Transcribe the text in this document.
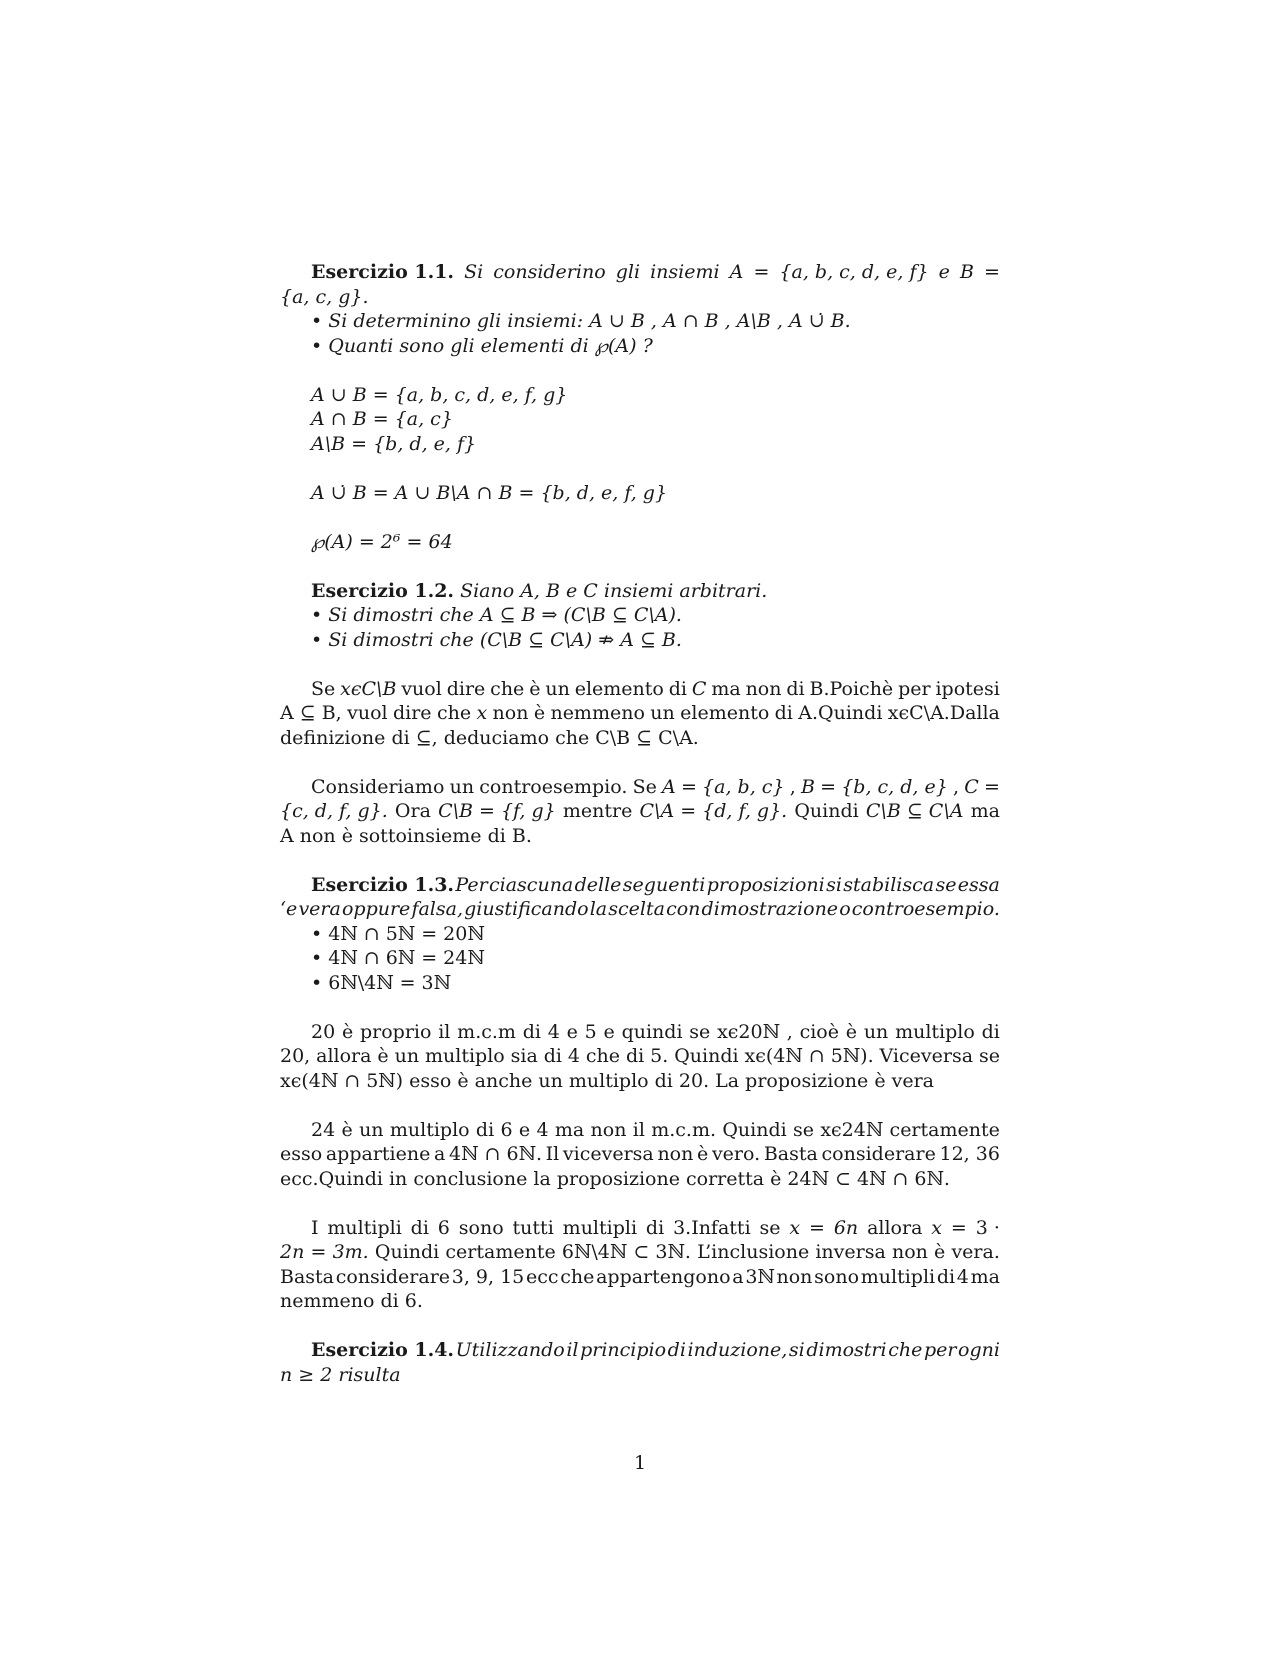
Esercizio 1.1. Si considerino gli insiemi A = {a, b, c, d, e, f} e B =
{a, c, g}.
• Si determinino gli insiemi: A ∪ B , A ∩ B , A\B , A ∪̇ B.
• Quanti sono gli elementi di ℘(A) ?
A ∪ B = {a, b, c, d, e, f, g}
A ∩ B = {a, c}
A\B = {b, d, e, f}
A ∪̇ B = A ∪ B\A ∩ B = {b, d, e, f, g}
℘(A) = 2⁶ = 64
Esercizio 1.2. Siano A, B e C insiemi arbitrari.
• Si dimostri che A ⊆ B ⇒ (C\B ⊆ C\A).
• Si dimostri che (C\B ⊆ C\A) ⇏ A ⊆ B.
Se xϵC\B vuol dire che è un elemento di C ma non di B.Poichè per ipotesi
A ⊆ B, vuol dire che x non è nemmeno un elemento di A.Quindi xϵC\A.Dalla
definizione di ⊆, deduciamo che C\B ⊆ C\A.
Consideriamo un controesempio. Se A = {a, b, c} , B = {b, c, d, e} , C =
{c, d, f, g}. Ora C\B = {f, g} mentre C\A = {d, f, g}. Quindi C\B ⊆ C\A ma
A non è sottoinsieme di B.
Esercizio 1.3. Per ciascuna delle seguenti proposizioni si stabilisca se essa
‘e vera oppure falsa, giustificando la scelta con dimostrazione o controesempio.
• 4ℕ ∩ 5ℕ = 20ℕ
• 4ℕ ∩ 6ℕ = 24ℕ
• 6ℕ\4ℕ = 3ℕ
20 è proprio il m.c.m di 4 e 5 e quindi se xϵ20ℕ , cioè è un multiplo di
20, allora è un multiplo sia di 4 che di 5. Quindi xϵ(4ℕ ∩ 5ℕ). Viceversa se
xϵ(4ℕ ∩ 5ℕ) esso è anche un multiplo di 20. La proposizione è vera
24 è un multiplo di 6 e 4 ma non il m.c.m. Quindi se xϵ24ℕ certamente
esso appartiene a 4ℕ ∩ 6ℕ. Il viceversa non è vero. Basta considerare 12, 36
ecc.Quindi in conclusione la proposizione corretta è 24ℕ ⊂ 4ℕ ∩ 6ℕ.
I multipli di 6 sono tutti multipli di 3.Infatti se x = 6n allora x = 3 ·
2n = 3m. Quindi certamente 6ℕ\4ℕ ⊂ 3ℕ. L’inclusione inversa non è vera.
Basta considerare 3, 9, 15 ecc che appartengono a 3ℕ non sono multipli di 4 ma
nemmeno di 6.
Esercizio 1.4. Utilizzando il principio di induzione, si dimostri che per ogni
n ≥ 2 risulta
1
